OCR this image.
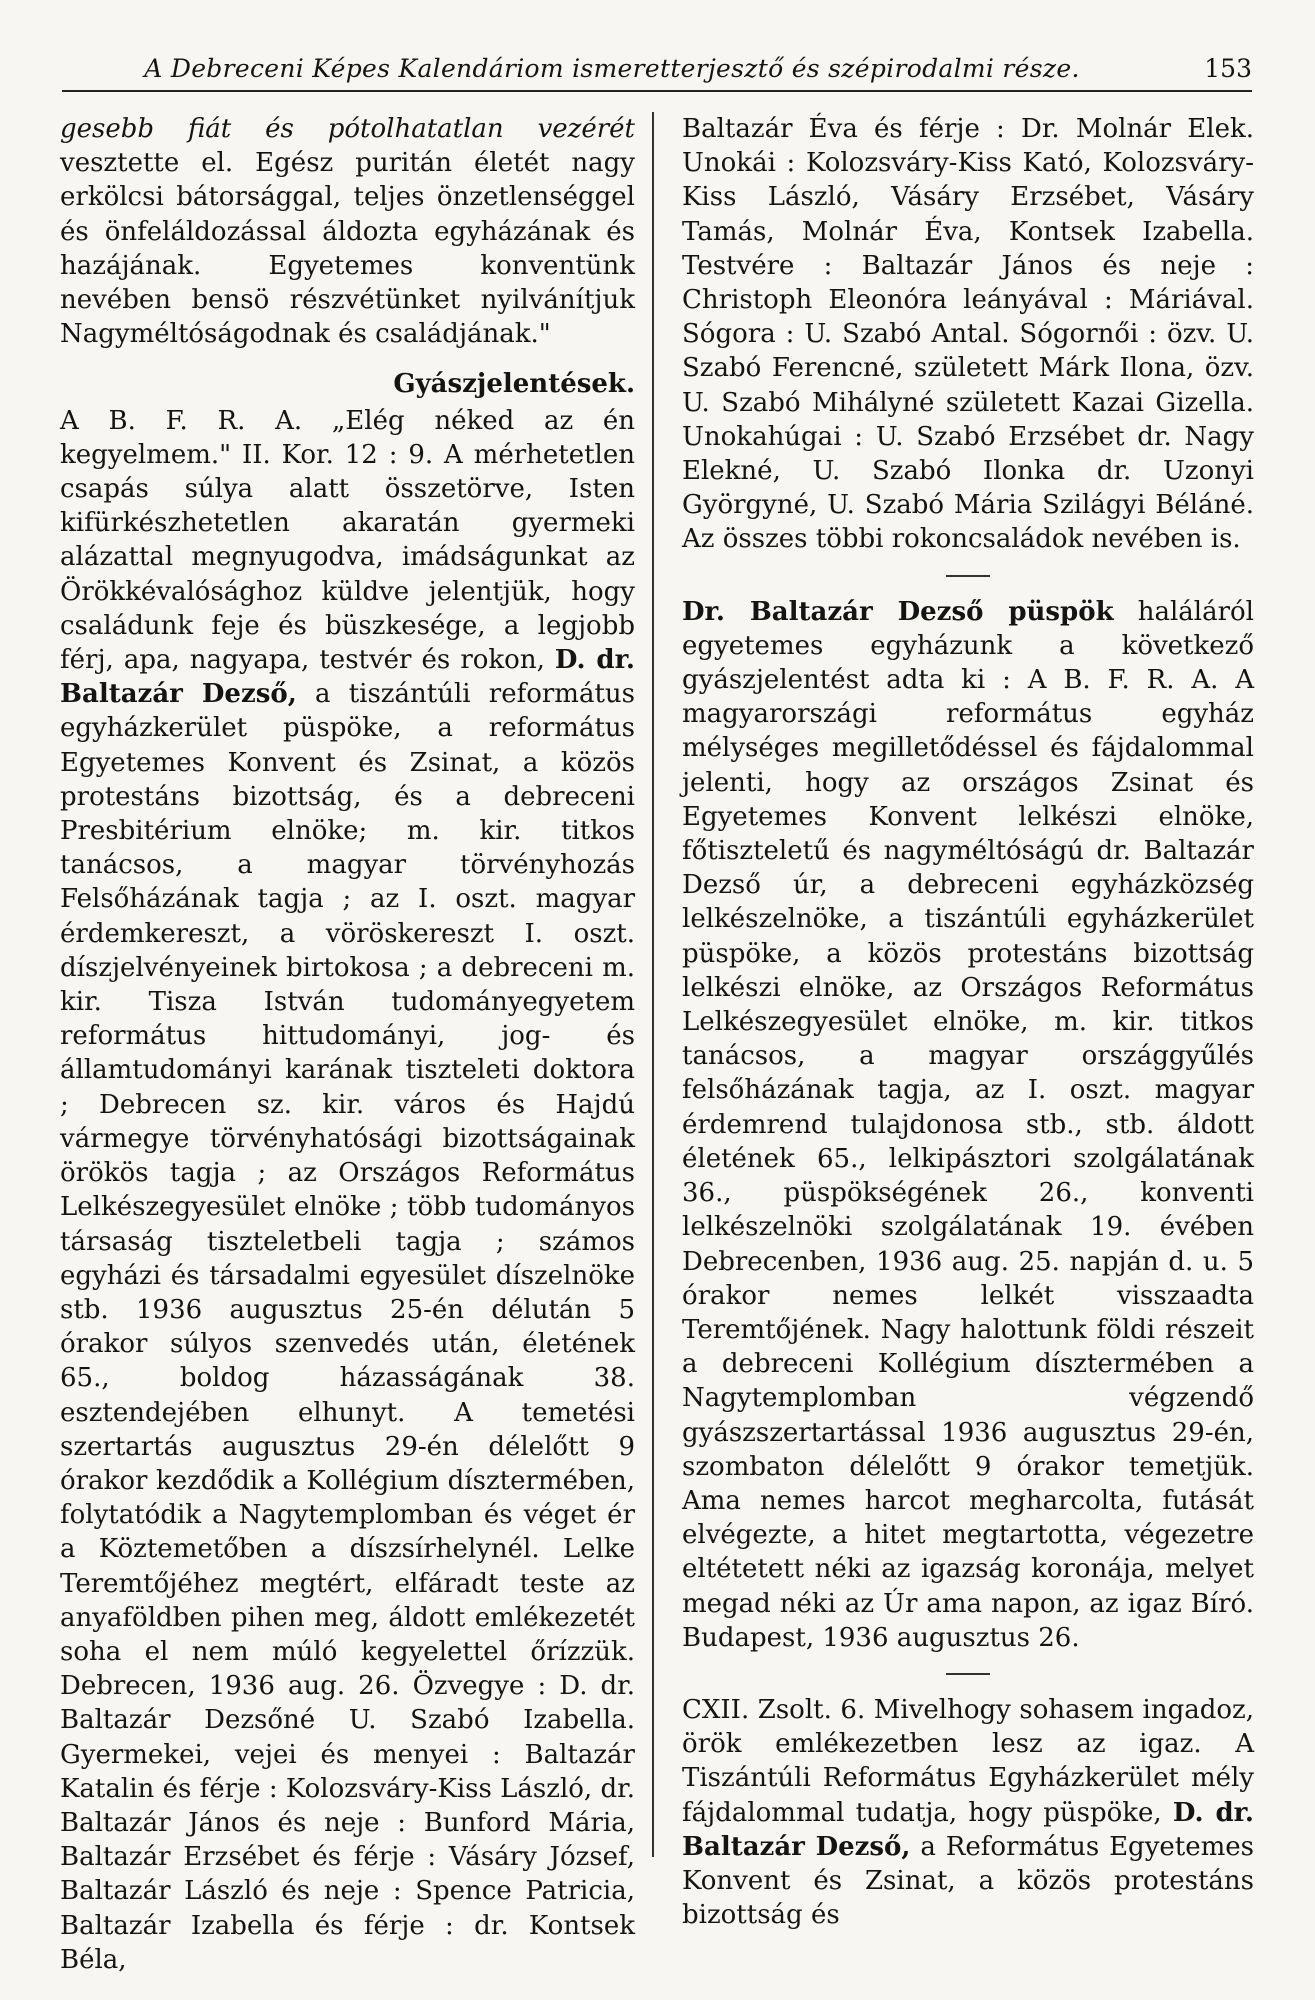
A Debreceni Képes Kalendáriom ismeretterjesztő és szépirodalmi része.	153

gesebb fiát és pótolhatatlan vezérét vesztette el. Egész puritán életét nagy erkölcsi bátorsággal, teljes önzetlenséggel és önfeláldozással áldozta egyházának és hazájának. Egyetemes konventünk nevében bensö részvétünket nyilvánítjuk Nagyméltóságodnak és családjának."

Gyászjelentések.

A B. F. R. A. „Elég néked az én kegyelmem." II. Kor. 12 : 9. A mérhetetlen csapás súlya alatt összetörve, Isten kifürkészhetetlen akaratán gyermeki alázattal megnyugodva, imádságunkat az Örökkévalósághoz küldve jelentjük, hogy családunk feje és büszkesége, a legjobb férj, apa, nagyapa, testvér és rokon, D. dr. Baltazár Dezső, a tiszántúli református egyházkerület püspöke, a református Egyetemes Konvent és Zsinat, a közös protestáns bizottság, és a debreceni Presbitérium elnöke; m. kir. titkos tanácsos, a magyar törvényhozás Felsőházának tagja ; az I. oszt. magyar érdemkereszt, a vöröskereszt I. oszt. díszjelvényeinek birtokosa ; a debreceni m. kir. Tisza István tudományegyetem református hittudományi, jog- és államtudományi karának tiszteleti doktora ; Debrecen sz. kir. város és Hajdú vármegye törvényhatósági bizottságainak örökös tagja ; az Országos Református Lelkészegyesület elnöke ; több tudományos társaság tiszteletbeli tagja ; számos egyházi és társadalmi egyesület díszelnöke stb. 1936 augusztus 25-én délután 5 órakor súlyos szenvedés után, életének 65., boldog házasságának 38. esztendejében elhunyt. A temetési szertartás augusztus 29-én délelőtt 9 órakor kezdődik a Kollégium dísztermében, folytatódik a Nagytemplomban és véget ér a Köztemetőben a díszsírhelynél. Lelke Teremtőjéhez megtért, elfáradt teste az anyaföldben pihen meg, áldott emlékezetét soha el nem múló kegyelettel őrízzük. Debrecen, 1936 aug. 26. Özvegye : D. dr. Baltazár Dezsőné U. Szabó Izabella. Gyermekei, vejei és menyei : Baltazár Katalin és férje : Kolozsváry-Kiss László, dr. Baltazár János és neje : Bunford Mária, Baltazár Erzsébet és férje : Vásáry József, Baltazár László és neje : Spence Patricia, Baltazár Izabella és férje : dr. Kontsek Béla,

Baltazár Éva és férje : Dr. Molnár Elek. Unokái : Kolozsváry-Kiss Kató, Kolozsváry-Kiss László, Vásáry Erzsébet, Vásáry Tamás, Molnár Éva, Kontsek Izabella. Testvére : Baltazár János és neje : Christoph Eleonóra leányával : Máriával. Sógora : U. Szabó Antal. Sógornői : özv. U. Szabó Ferencné, született Márk Ilona, özv. U. Szabó Mihályné született Kazai Gizella. Unokahúgai : U. Szabó Erzsébet dr. Nagy Elekné, U. Szabó Ilonka dr. Uzonyi Györgyné, U. Szabó Mária Szilágyi Béláné. Az összes többi rokoncsaládok nevében is.

Dr. Baltazár Dezső püspök haláláról egyetemes egyházunk a következő gyászjelentést adta ki : A B. F. R. A. A magyarországi református egyház mélységes megilletődéssel és fájdalommal jelenti, hogy az országos Zsinat és Egyetemes Konvent lelkészi elnöke, főtiszteletű és nagyméltóságú dr. Baltazár Dezső úr, a debreceni egyházközség lelkészelnöke, a tiszántúli egyházkerület püspöke, a közös protestáns bizottság lelkészi elnöke, az Országos Református Lelkészegyesület elnöke, m. kir. titkos tanácsos, a magyar országgyűlés felsőházának tagja, az I. oszt. magyar érdemrend tulajdonosa stb., stb. áldott életének 65., lelkipásztori szolgálatának 36., püspökségének 26., konventi lelkészelnöki szolgálatának 19. évében Debrecenben, 1936 aug. 25. napján d. u. 5 órakor nemes lelkét visszaadta Teremtőjének. Nagy halottunk földi részeit a debreceni Kollégium dísztermében a Nagytemplomban végzendő gyászszertartással 1936 augusztus 29-én, szombaton délelőtt 9 órakor temetjük. Ama nemes harcot megharcolta, futását elvégezte, a hitet megtartotta, végezetre eltétetett néki az igazság koronája, melyet megad néki az Úr ama napon, az igaz Bíró. Budapest, 1936 augusztus 26.

CXII. Zsolt. 6. Mivelhogy sohasem ingadoz, örök emlékezetben lesz az igaz. A Tiszántúli Református Egyházkerület mély fájdalommal tudatja, hogy püspöke, D. dr. Baltazár Dezső, a Református Egyetemes Konvent és Zsinat, a közös protestáns bizottság és
